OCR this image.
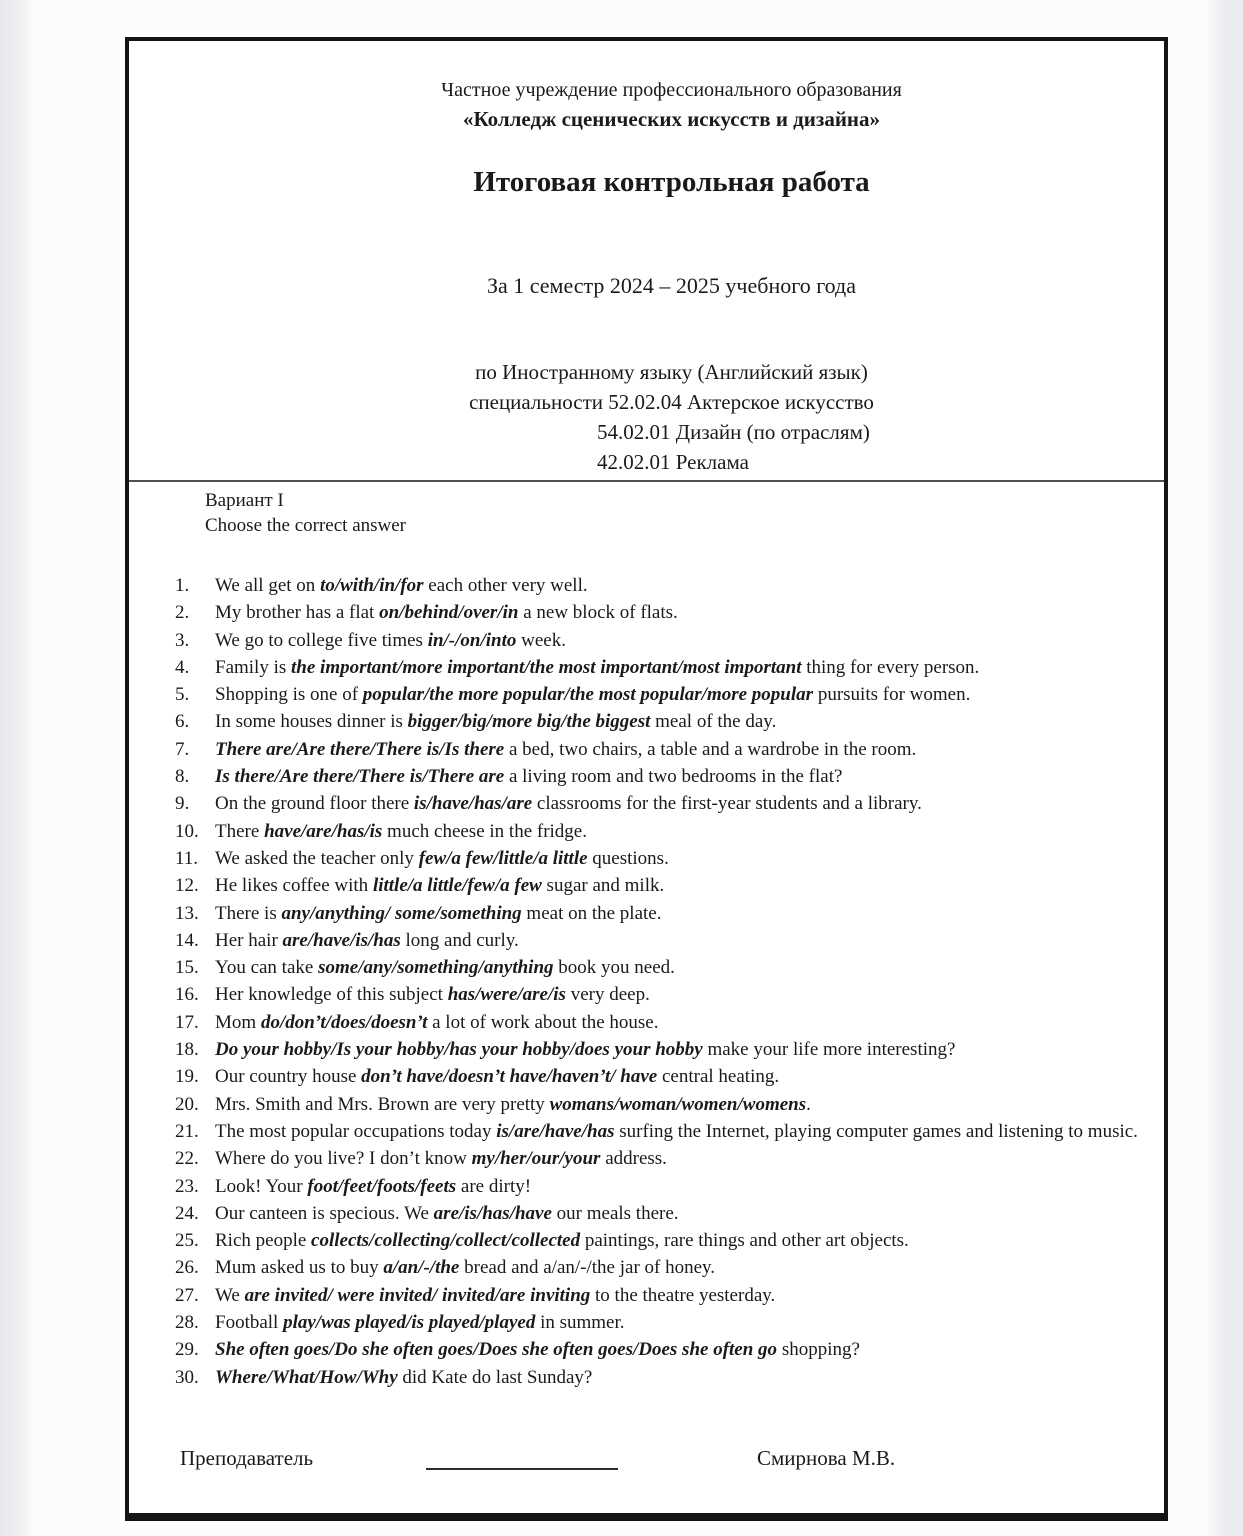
Частное учреждение профессионального образования
«Колледж сценических искусств и дизайна»
Итоговая контрольная работа
За 1 семестр 2024 – 2025 учебного года
по Иностранному языку (Английский язык)
специальности 52.02.04 Актерское искусство
54.02.01 Дизайн (по отраслям)
42.02.01 Реклама
Вариант I
Choose the correct answer
1.	We all get on to/with/in/for each other very well.
2.	My brother has a flat on/behind/over/in a new block of flats.
3.	We go to college five times in/-/on/into week.
4.	Family is the important/more important/the most important/most important thing for every person.
5.	Shopping is one of popular/the more popular/the most popular/more popular pursuits for women.
6.	In some houses dinner is bigger/big/more big/the biggest meal of the day.
7.	There are/Are there/There is/Is there a bed, two chairs, a table and a wardrobe in the room.
8.	Is there/Are there/There is/There are a living room and two bedrooms in the flat?
9.	On the ground floor there is/have/has/are classrooms for the first-year students and a library.
10. There have/are/has/is much cheese in the fridge.
11. We asked the teacher only few/a few/little/a little questions.
12. He likes coffee with little/a little/few/a few sugar and milk.
13. There is any/anything/ some/something meat on the plate.
14. Her hair are/have/is/has long and curly.
15. You can take some/any/something/anything book you need.
16. Her knowledge of this subject has/were/are/is very deep.
17. Mom do/don’t/does/doesn’t a lot of work about the house.
18. Do your hobby/Is your hobby/has your hobby/does your hobby make your life more interesting?
19. Our country house don’t have/doesn’t have/haven’t/ have central heating.
20. Mrs. Smith and Mrs. Brown are very pretty womans/woman/women/womens.
21. The most popular occupations today is/are/have/has surfing the Internet, playing computer games and listening to music.
22. Where do you live? I don’t know my/her/our/your address.
23. Look! Your foot/feet/foots/feets are dirty!
24. Our canteen is specious. We are/is/has/have our meals there.
25. Rich people collects/collecting/collect/collected paintings, rare things and other art objects.
26. Mum asked us to buy a/an/-/the bread and a/an/-/the jar of honey.
27. We are invited/ were invited/ invited/are inviting to the theatre yesterday.
28. Football play/was played/is played/played in summer.
29. She often goes/Do she often goes/Does she often goes/Does she often go shopping?
30. Where/What/How/Why did Kate do last Sunday?
Преподаватель	Смирнова М.В.
